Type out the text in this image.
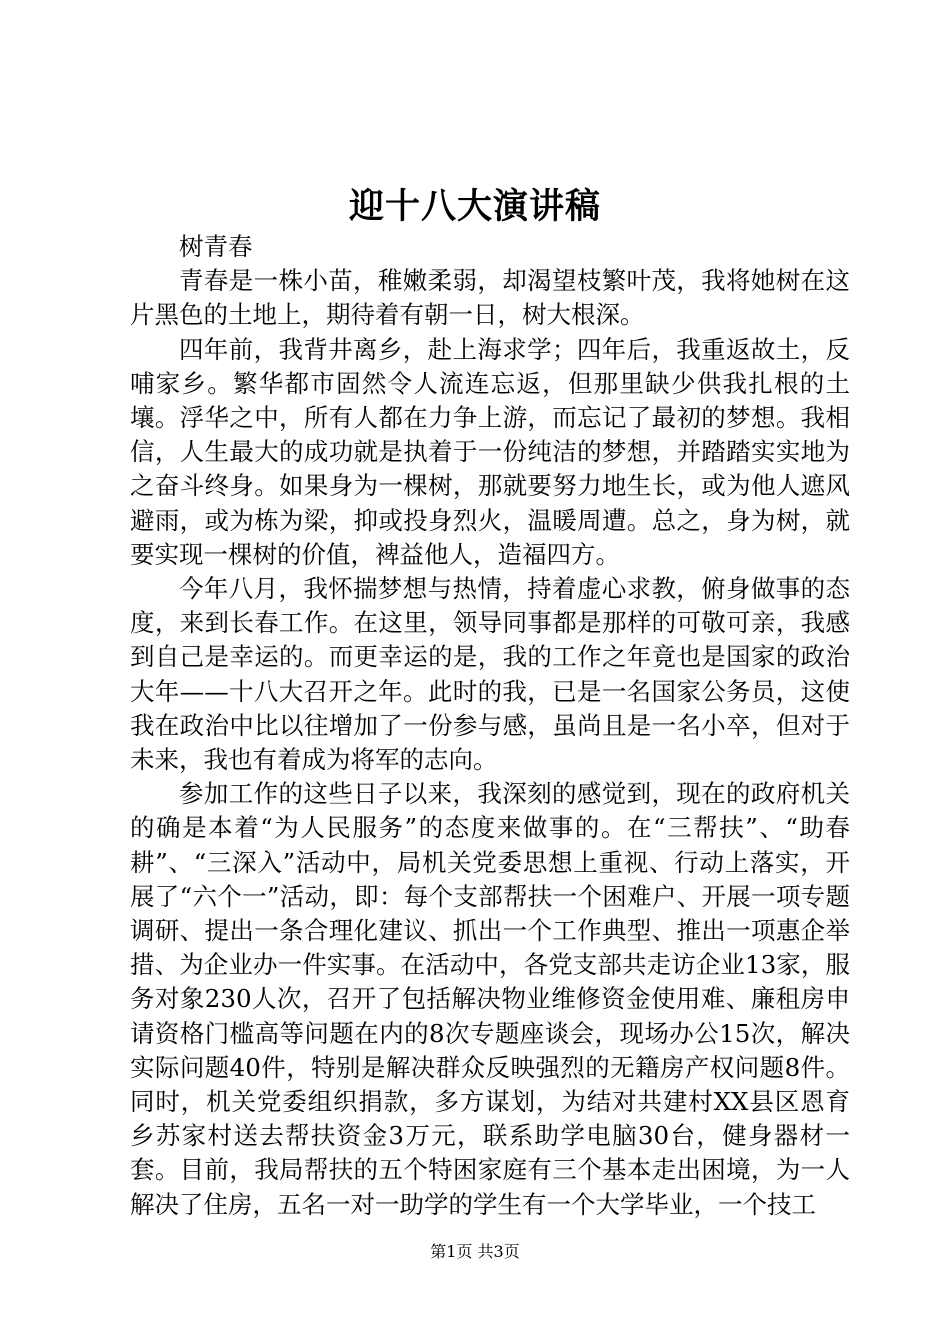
迎十八大演讲稿

树青春

青春是一株小苗，稚嫩柔弱，却渴望枝繁叶茂，我将她树在这片黑色的土地上，期待着有朝一日，树大根深。

四年前，我背井离乡，赴上海求学；四年后，我重返故土，反哺家乡。繁华都市固然令人流连忘返，但那里缺少供我扎根的土壤。浮华之中，所有人都在力争上游，而忘记了最初的梦想。我相信，人生最大的成功就是执着于一份纯洁的梦想，并踏踏实实地为之奋斗终身。如果身为一棵树，那就要努力地生长，或为他人遮风避雨，或为栋为梁，抑或投身烈火，温暖周遭。总之，身为树，就要实现一棵树的价值，裨益他人，造福四方。

今年八月，我怀揣梦想与热情，持着虚心求教，俯身做事的态度，来到长春工作。在这里，领导同事都是那样的可敬可亲，我感到自己是幸运的。而更幸运的是，我的工作之年竟也是国家的政治大年——十八大召开之年。此时的我，已是一名国家公务员，这使我在政治中比以往增加了一份参与感，虽尚且是一名小卒，但对于未来，我也有着成为将军的志向。

参加工作的这些日子以来，我深刻的感觉到，现在的政府机关的确是本着“为人民服务”的态度来做事的。在“三帮扶”、“助春耕”、“三深入”活动中，局机关党委思想上重视、行动上落实，开展了“六个一”活动，即：每个支部帮扶一个困难户、开展一项专题调研、提出一条合理化建议、抓出一个工作典型、推出一项惠企举措、为企业办一件实事。在活动中，各党支部共走访企业13家，服务对象230人次，召开了包括解决物业维修资金使用难、廉租房申请资格门槛高等问题在内的8次专题座谈会，现场办公15次，解决实际问题40件，特别是解决群众反映强烈的无籍房产权问题8件。同时，机关党委组织捐款，多方谋划，为结对共建村XX县区恩育乡苏家村送去帮扶资金3万元，联系助学电脑30台，健身器材一套。目前，我局帮扶的五个特困家庭有三个基本走出困境，为一人解决了住房，五名一对一助学的学生有一个大学毕业，一个技工

第1页 共3页
